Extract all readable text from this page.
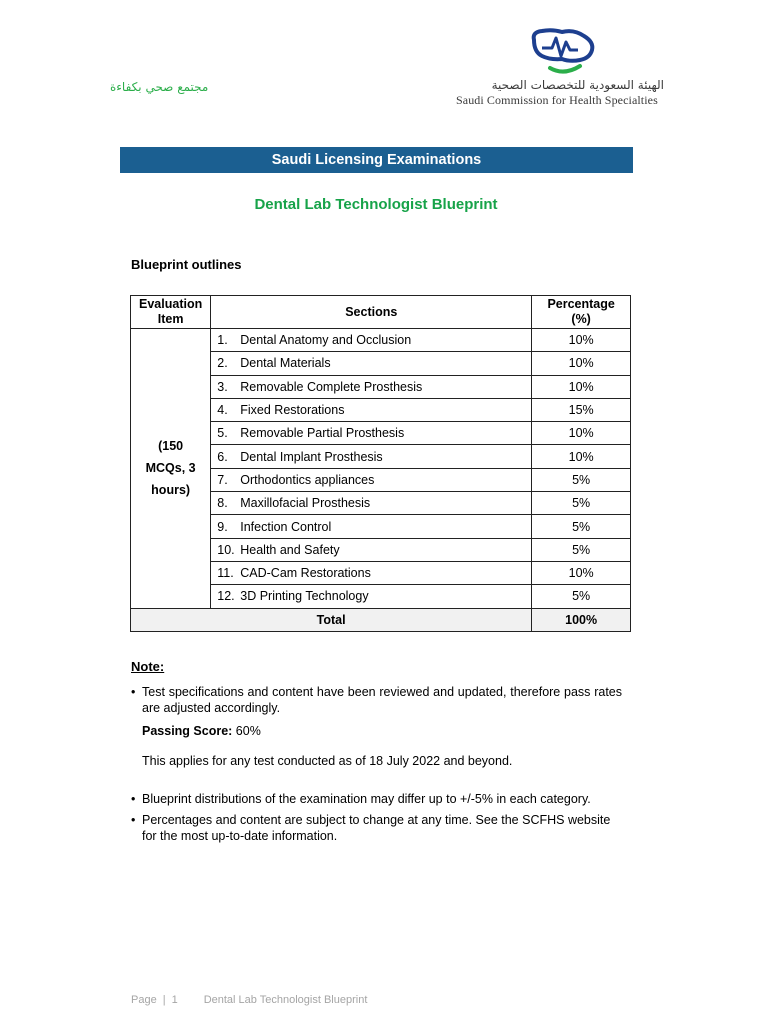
مجتمع صحي بكفاءة	الهيئة السعودية للتخصصات الصحية
Saudi Commission for Health Specialties
Saudi Licensing Examinations
Dental Lab Technologist Blueprint
Blueprint outlines
Evaluation Item	Sections	Percentage (%)
(150 MCQs, 3 hours)	1. Dental Anatomy and Occlusion	10%
	2. Dental Materials	10%
	3. Removable Complete Prosthesis	10%
	4. Fixed Restorations	15%
	5. Removable Partial Prosthesis	10%
	6. Dental Implant Prosthesis	10%
	7. Orthodontics appliances	5%
	8. Maxillofacial Prosthesis	5%
	9. Infection Control	5%
	10. Health and Safety	5%
	11. CAD-Cam Restorations	10%
	12. 3D Printing Technology	5%
Total		100%
Note:
• Test specifications and content have been reviewed and updated, therefore pass rates are adjusted accordingly.
Passing Score: 60%
This applies for any test conducted as of 18 July 2022 and beyond.
• Blueprint distributions of the examination may differ up to +/-5% in each category.
• Percentages and content are subject to change at any time. See the SCFHS website for the most up-to-date information.
Page | 1 Dental Lab Technologist Blueprint
